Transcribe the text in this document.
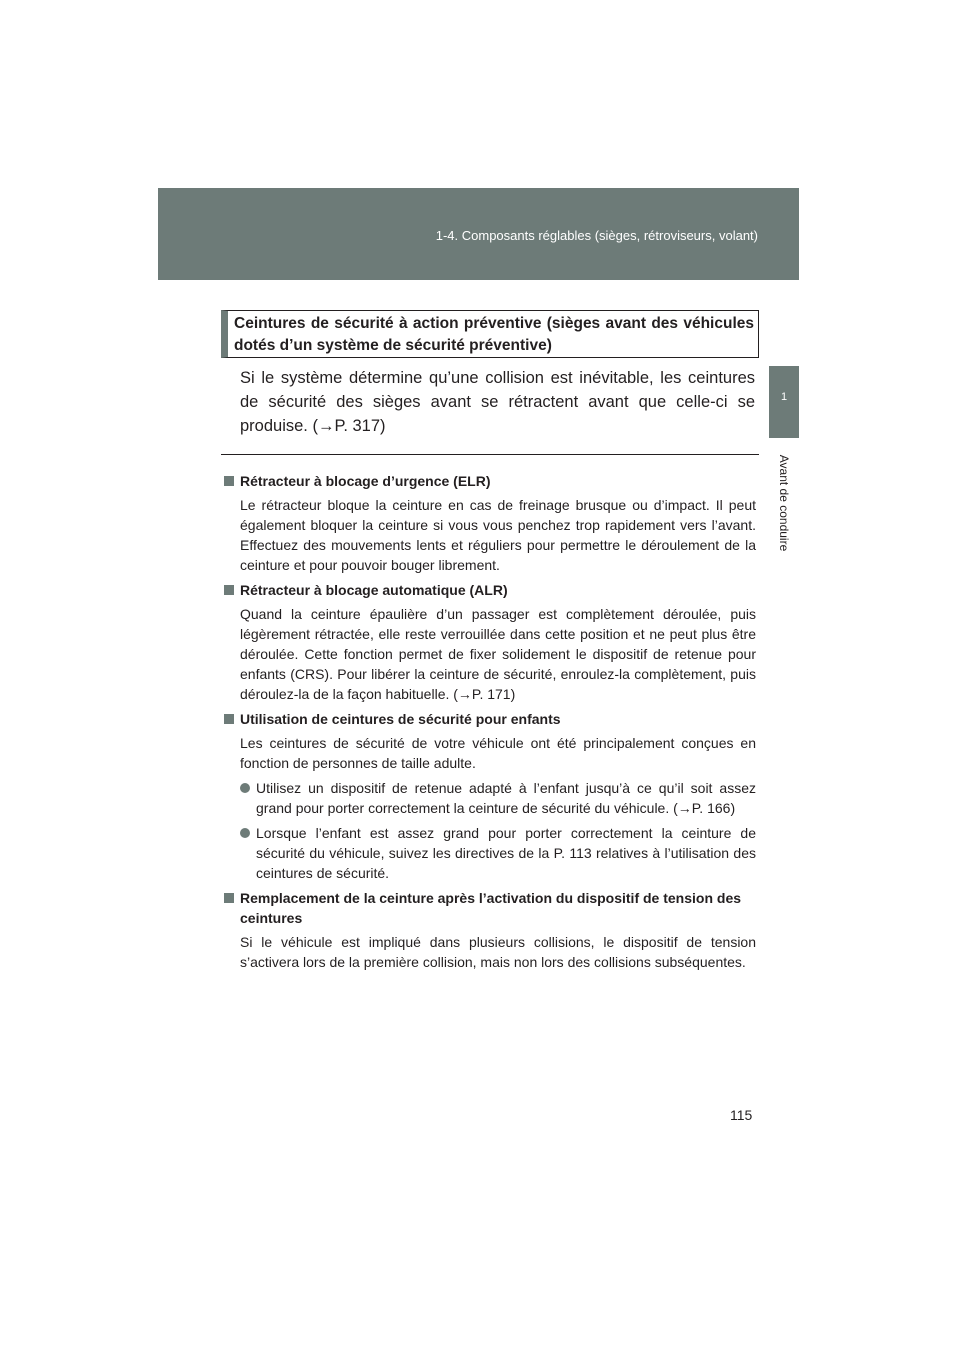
1-4. Composants réglables (sièges, rétroviseurs, volant)
1
Avant de conduire
Ceintures de sécurité à action préventive (sièges avant des véhicules dotés d’un système de sécurité préventive)
Si le système détermine qu’une collision est inévitable, les ceintures de sécurité des sièges avant se rétractent avant que celle-ci se produise. (→P. 317)
Rétracteur à blocage d’urgence (ELR)
Le rétracteur bloque la ceinture en cas de freinage brusque ou d’impact. Il peut également bloquer la ceinture si vous vous penchez trop rapidement vers l’avant. Effectuez des mouvements lents et réguliers pour permettre le déroulement de la ceinture et pour pouvoir bouger librement.
Rétracteur à blocage automatique (ALR)
Quand la ceinture épaulière d’un passager est complètement déroulée, puis légèrement rétractée, elle reste verrouillée dans cette position et ne peut plus être déroulée. Cette fonction permet de fixer solidement le dispositif de retenue pour enfants (CRS). Pour libérer la ceinture de sécurité, enroulez-la complètement, puis déroulez-la de la façon habituelle. (→P. 171)
Utilisation de ceintures de sécurité pour enfants
Les ceintures de sécurité de votre véhicule ont été principalement conçues en fonction de personnes de taille adulte.
Utilisez un dispositif de retenue adapté à l’enfant jusqu’à ce qu’il soit assez grand pour porter correctement la ceinture de sécurité du véhicule. (→P. 166)
Lorsque l’enfant est assez grand pour porter correctement la ceinture de sécurité du véhicule, suivez les directives de la P. 113 relatives à l’utilisation des ceintures de sécurité.
Remplacement de la ceinture après l’activation du dispositif de tension des ceintures
Si le véhicule est impliqué dans plusieurs collisions, le dispositif de tension s’activera lors de la première collision, mais non lors des collisions subséquentes.
115
